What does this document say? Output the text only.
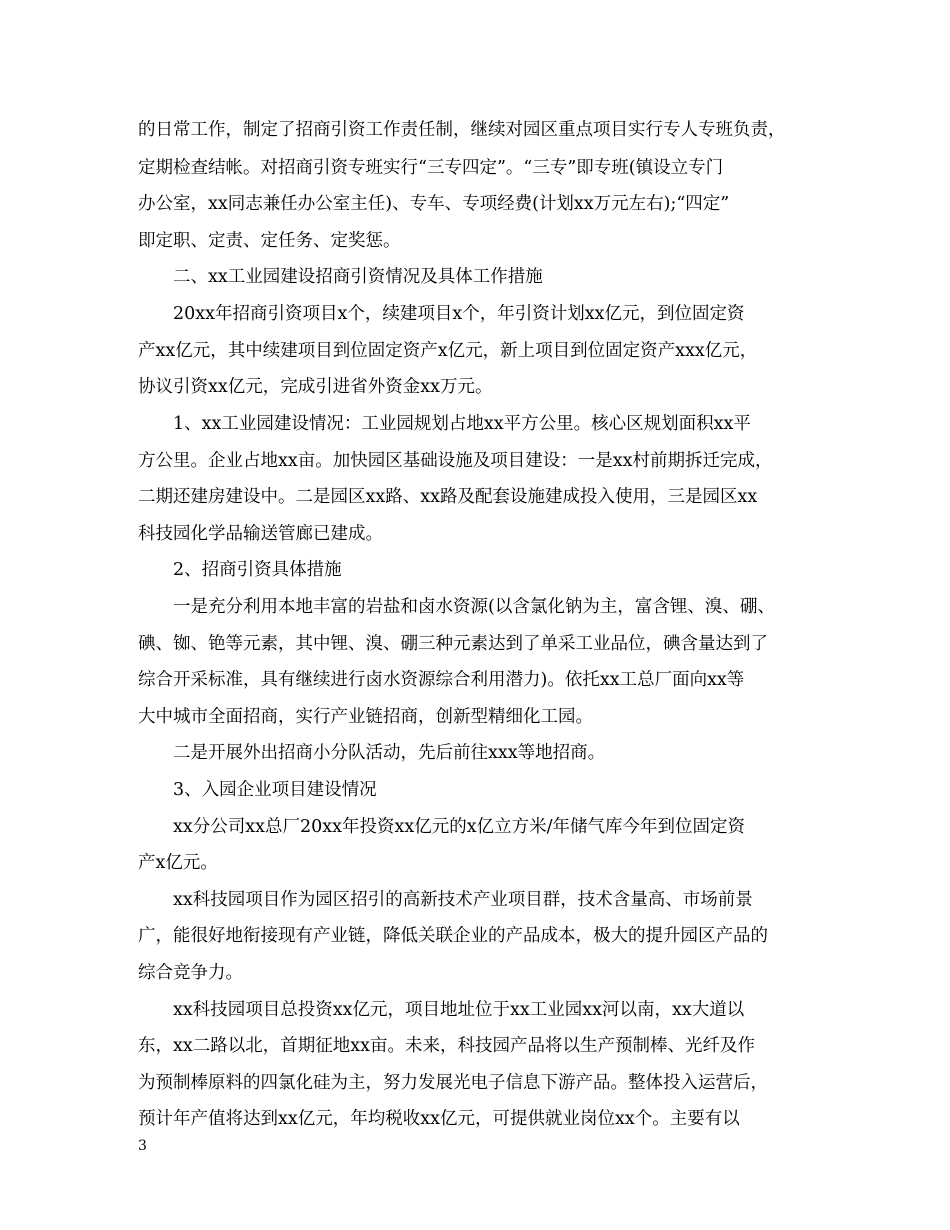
的日常工作，制定了招商引资工作责任制，继续对园区重点项目实行专人专班负责，
定期检查结帐。对招商引资专班实行“三专四定”。“三专”即专班(镇设立专门
办公室，xx同志兼任办公室主任)、专车、专项经费(计划xx万元左右);“四定”
即定职、定责、定任务、定奖惩。
二、xx工业园建设招商引资情况及具体工作措施
20xx年招商引资项目x个，续建项目x个，年引资计划xx亿元，到位固定资
产xx亿元，其中续建项目到位固定资产x亿元，新上项目到位固定资产xxx亿元，
协议引资xx亿元，完成引进省外资金xx万元。
1、xx工业园建设情况：工业园规划占地xx平方公里。核心区规划面积xx平
方公里。企业占地xx亩。加快园区基础设施及项目建设：一是xx村前期拆迁完成，
二期还建房建设中。二是园区xx路、xx路及配套设施建成投入使用，三是园区xx
科技园化学品输送管廊已建成。
2、招商引资具体措施
一是充分利用本地丰富的岩盐和卤水资源(以含氯化钠为主，富含锂、溴、硼、
碘、铷、铯等元素，其中锂、溴、硼三种元素达到了单采工业品位，碘含量达到了
综合开采标准，具有继续进行卤水资源综合利用潜力)。依托xx工总厂面向xx等
大中城市全面招商，实行产业链招商，创新型精细化工园。
二是开展外出招商小分队活动，先后前往xxx等地招商。
3、入园企业项目建设情况
xx分公司xx总厂20xx年投资xx亿元的x亿立方米/年储气库今年到位固定资
产x亿元。
xx科技园项目作为园区招引的高新技术产业项目群，技术含量高、市场前景
广，能很好地衔接现有产业链，降低关联企业的产品成本，极大的提升园区产品的
综合竞争力。
xx科技园项目总投资xx亿元，项目地址位于xx工业园xx河以南，xx大道以
东，xx二路以北，首期征地xx亩。未来，科技园产品将以生产预制棒、光纤及作
为预制棒原料的四氯化硅为主，努力发展光电子信息下游产品。整体投入运营后，
预计年产值将达到xx亿元，年均税收xx亿元，可提供就业岗位xx个。主要有以
3
